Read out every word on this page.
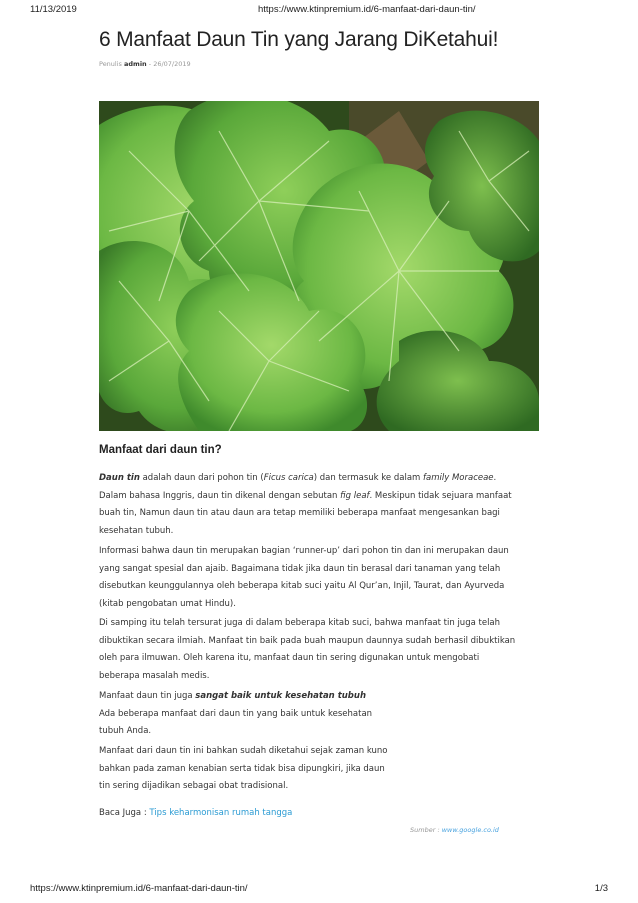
11/13/2019	https://www.ktinpremium.id/6-manfaat-dari-daun-tin/
6 Manfaat Daun Tin yang Jarang DiKetahui!
Penulis admin - 26/07/2019
Manfaat dari daun tin?
Daun tin adalah daun dari pohon tin (Ficus carica) dan termasuk ke dalam family Moraceae.
Dalam bahasa Inggris, daun tin dikenal dengan sebutan fig leaf. Meskipun tidak sejuara manfaat
buah tin, Namun daun tin atau daun ara tetap memiliki beberapa manfaat mengesankan bagi
kesehatan tubuh.
Informasi bahwa daun tin merupakan bagian ‘runner-up’ dari pohon tin dan ini merupakan daun
yang sangat spesial dan ajaib. Bagaimana tidak jika daun tin berasal dari tanaman yang telah
disebutkan keunggulannya oleh beberapa kitab suci yaitu Al Qur’an, Injil, Taurat, dan Ayurveda
(kitab pengobatan umat Hindu).
Di samping itu telah tersurat juga di dalam beberapa kitab suci, bahwa manfaat tin juga telah
dibuktikan secara ilmiah. Manfaat tin baik pada buah maupun daunnya sudah berhasil dibuktikan
oleh para ilmuwan. Oleh karena itu, manfaat daun tin sering digunakan untuk mengobati
beberapa masalah medis.
Manfaat daun tin juga sangat baik untuk kesehatan tubuh
Ada beberapa manfaat dari daun tin yang baik untuk kesehatan
tubuh Anda.
Manfaat dari daun tin ini bahkan sudah diketahui sejak zaman kuno
bahkan pada zaman kenabian serta tidak bisa dipungkiri, jika daun
tin sering dijadikan sebagai obat tradisional.
Baca Juga : Tips keharmonisan rumah tangga
Sumber : www.google.co.id
https://www.ktinpremium.id/6-manfaat-dari-daun-tin/	1/3
